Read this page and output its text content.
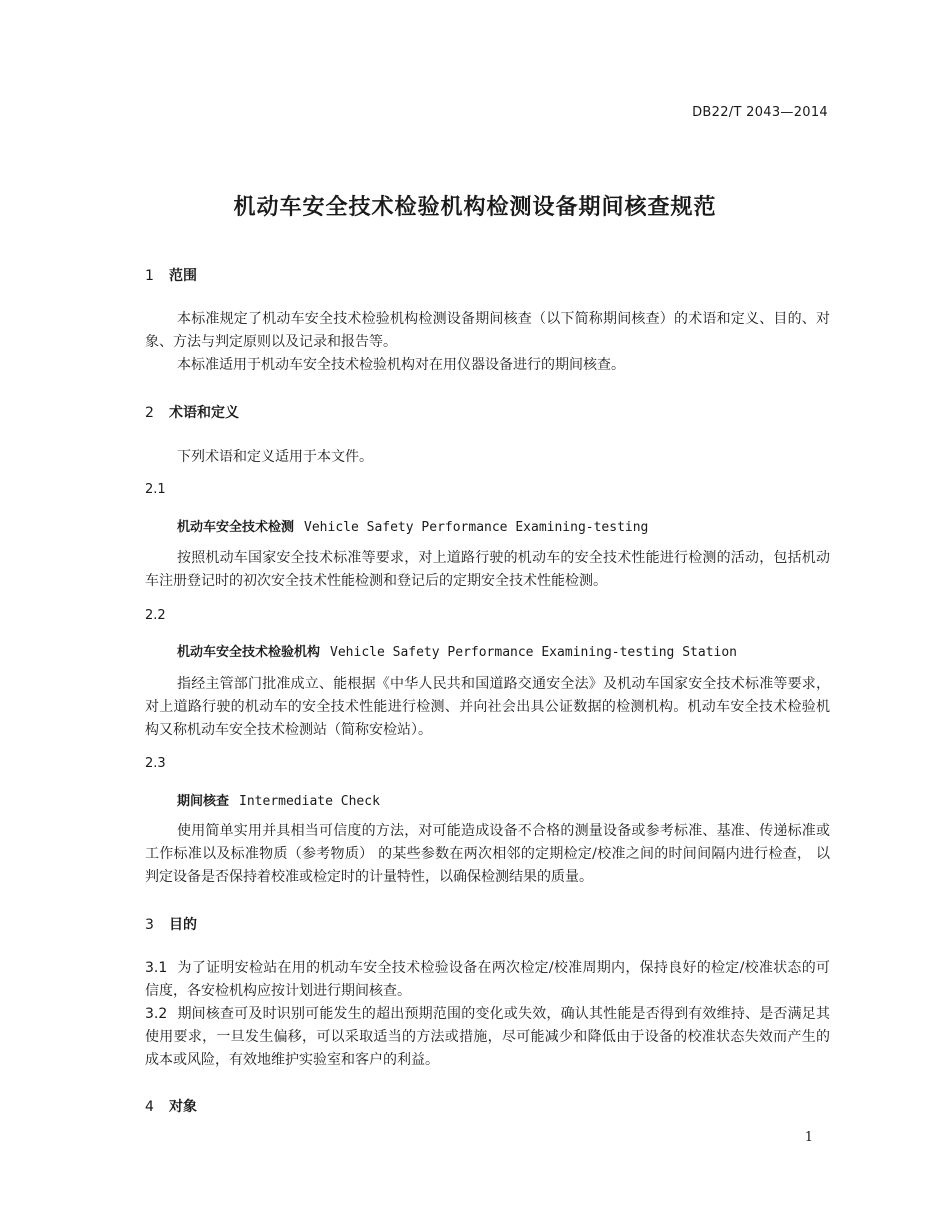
DB22/T 2043—2014
机动车安全技术检验机构检测设备期间核查规范
1 范围

本标准规定了机动车安全技术检验机构检测设备期间核查（以下简称期间核查）的术语和定义、目的、对象、方法与判定原则以及记录和报告等。

本标准适用于机动车安全技术检验机构对在用仪器设备进行的期间核查。

2 术语和定义

下列术语和定义适用于本文件。

2.1
机动车安全技术检测 Vehicle Safety Performance Examining-testing

按照机动车国家安全技术标准等要求，对上道路行驶的机动车的安全技术性能进行检测的活动，包括机动车注册登记时的初次安全技术性能检测和登记后的定期安全技术性能检测。

2.2
机动车安全技术检验机构 Vehicle Safety Performance Examining-testing Station

指经主管部门批准成立、能根据《中华人民共和国道路交通安全法》及机动车国家安全技术标准等要求，对上道路行驶的机动车的安全技术性能进行检测、并向社会出具公证数据的检测机构。机动车安全技术检验机构又称机动车安全技术检测站（简称安检站）。

2.3
期间核查 Intermediate Check

使用简单实用并具相当可信度的方法，对可能造成设备不合格的测量设备或参考标准、基准、传递标准或工作标准以及标准物质（参考物质） 的某些参数在两次相邻的定期检定/校准之间的时间间隔内进行检查， 以判定设备是否保持着校准或检定时的计量特性，以确保检测结果的质量。

3 目的

3.1 为了证明安检站在用的机动车安全技术检验设备在两次检定/校准周期内，保持良好的检定/校准状态的可信度，各安检机构应按计划进行期间核查。

3.2 期间核查可及时识别可能发生的超出预期范围的变化或失效，确认其性能是否得到有效维持、是否满足其使用要求，一旦发生偏移，可以采取适当的方法或措施，尽可能减少和降低由于设备的校准状态失效而产生的成本或风险，有效地维护实验室和客户的利益。

4 对象
1
